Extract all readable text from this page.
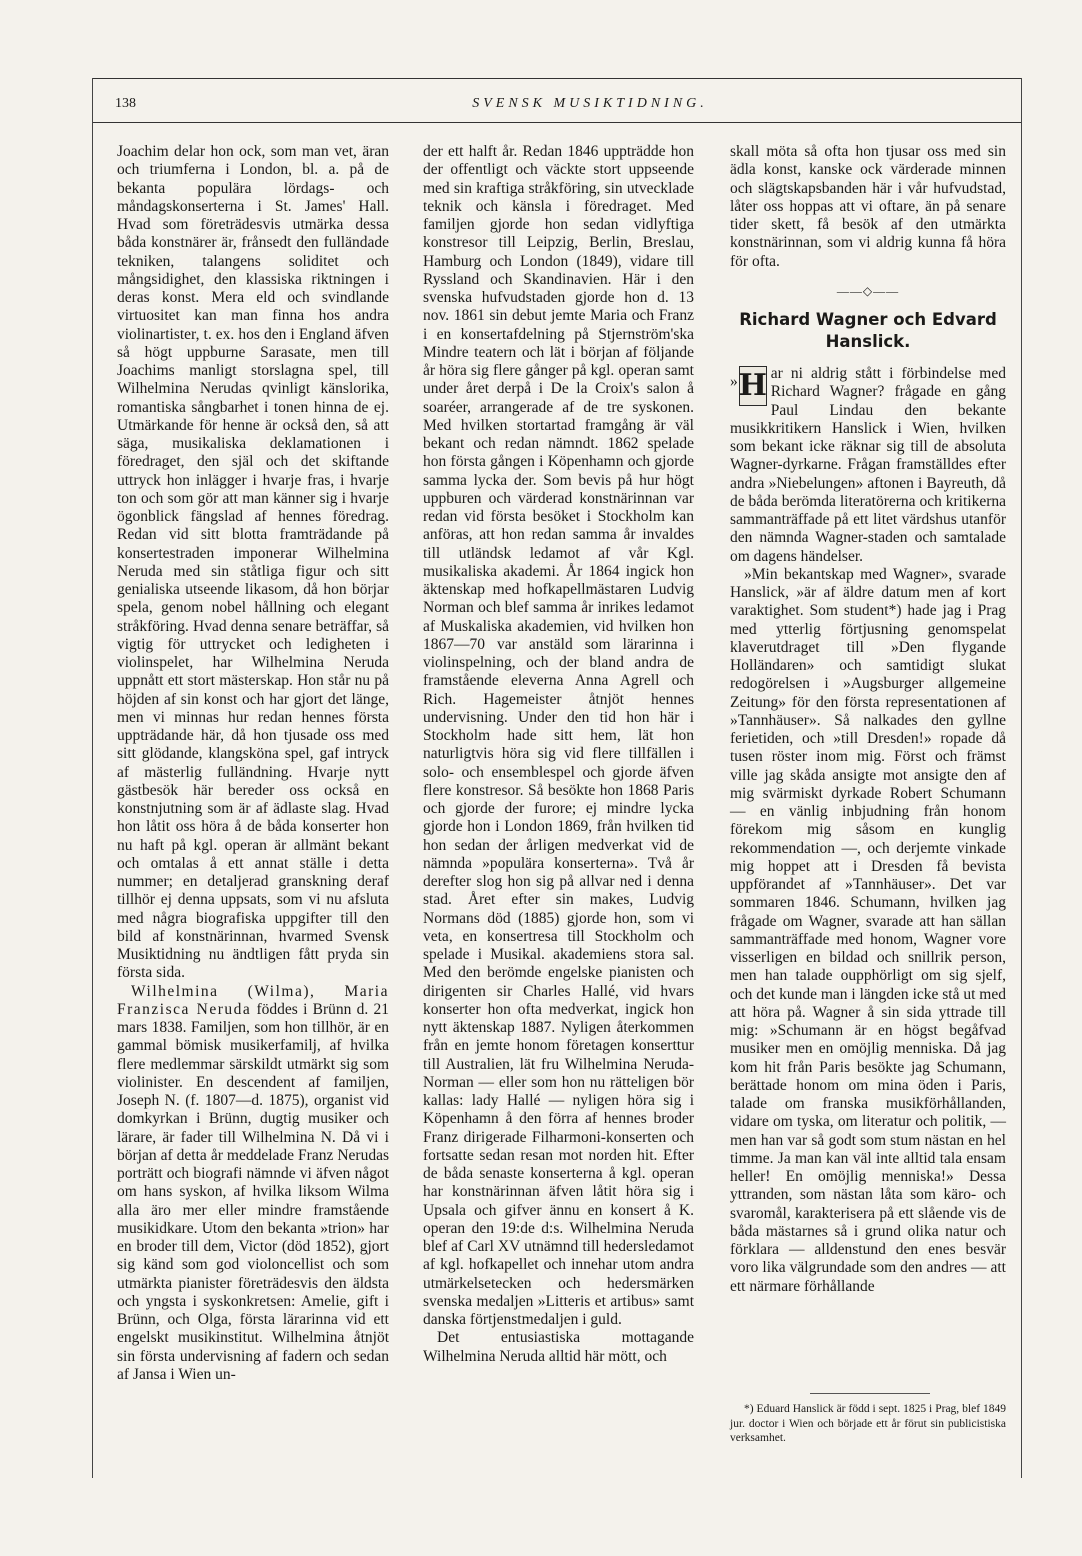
138	SVENSK MUSIKTIDNING.

Joachim delar hon ock, som man vet, äran och triumferna i London, bl. a. på de bekanta populära lördags- och måndagskonserterna i St. James' Hall. Hvad som företrädesvis utmärka dessa båda konstnärer är, frånsedt den fulländade tekniken, talangens soliditet och mångsidighet, den klassiska riktningen i deras konst. Mera eld och svindlande virtuositet kan man finna hos andra violinartister, t. ex. hos den i England äfven så högt uppburne Sarasate, men till Joachims manligt storslagna spel, till Wilhelmina Nerudas qvinligt känslorika, romantiska sångbarhet i tonen hinna de ej. Utmärkande för henne är också den, så att säga, musikaliska deklamationen i föredraget, den själ och det skiftande uttryck hon inlägger i hvarje fras, i hvarje ton och som gör att man känner sig i hvarje ögonblick fängslad af hennes föredrag. Redan vid sitt blotta framträdande på konsertestraden imponerar Wilhelmina Neruda med sin ståtliga figur och sitt genialiska utseende likasom, då hon börjar spela, genom nobel hållning och elegant stråkföring. Hvad denna senare beträffar, så vigtig för uttrycket och ledigheten i violinspelet, har Wilhelmina Neruda uppnått ett stort mästerskap. Hon står nu på höjden af sin konst och har gjort det länge, men vi minnas hur redan hennes första uppträdande här, då hon tjusade oss med sitt glödande, klangsköna spel, gaf intryck af mästerlig fulländning. Hvarje nytt gästbesök här bereder oss också en konstnjutning som är af ädlaste slag. Hvad hon låtit oss höra å de båda konserter hon nu haft på kgl. operan är allmänt bekant och omtalas å ett annat ställe i detta nummer; en detaljerad granskning deraf tillhör ej denna uppsats, som vi nu afsluta med några biografiska uppgifter till den bild af konstnärinnan, hvarmed Svensk Musiktidning nu ändtligen fått pryda sin första sida.

Wilhelmina (Wilma), Maria Franzisca Neruda föddes i Brünn d. 21 mars 1838. Familjen, som hon tillhör, är en gammal bömisk musikerfamilj, af hvilka flere medlemmar särskildt utmärkt sig som violinister. En descendent af familjen, Joseph N. (f. 1807—d. 1875), organist vid domkyrkan i Brünn, dugtig musiker och lärare, är fader till Wilhelmina N. Då vi i början af detta år meddelade Franz Nerudas porträtt och biografi nämnde vi äfven något om hans syskon, af hvilka liksom Wilma alla äro mer eller mindre framstående musikidkare. Utom den bekanta »trion» har en broder till dem, Victor (död 1852), gjort sig känd som god violoncellist och som utmärkta pianister företrädesvis den äldsta och yngsta i syskonkretsen: Amelie, gift i Brünn, och Olga, första lärarinna vid ett engelskt musikinstitut. Wilhelmina åtnjöt sin första undervisning af fadern och sedan af Jansa i Wien un-

der ett halft år. Redan 1846 uppträdde hon der offentligt och väckte stort uppseende med sin kraftiga stråkföring, sin utvecklade teknik och känsla i föredraget. Med familjen gjorde hon sedan vidlyftiga konstresor till Leipzig, Berlin, Breslau, Hamburg och London (1849), vidare till Ryssland och Skandinavien. Här i den svenska hufvudstaden gjorde hon d. 13 nov. 1861 sin debut jemte Maria och Franz i en konsertafdelning på Stjernström'ska Mindre teatern och lät i början af följande år höra sig flere gånger på kgl. operan samt under året derpå i De la Croix's salon å soaréer, arrangerade af de tre syskonen. Med hvilken stortartad framgång är väl bekant och redan nämndt. 1862 spelade hon första gången i Köpenhamn och gjorde samma lycka der. Som bevis på hur högt uppburen och värderad konstnärinnan var redan vid första besöket i Stockholm kan anföras, att hon redan samma år invaldes till utländsk ledamot af vår Kgl. musikaliska akademi. År 1864 ingick hon äktenskap med hofkapellmästaren Ludvig Norman och blef samma år inrikes ledamot af Muskaliska akademien, vid hvilken hon 1867—70 var anstäld som lärarinna i violinspelning, och der bland andra de framstående eleverna Anna Agrell och Rich. Hagemeister åtnjöt hennes undervisning. Under den tid hon här i Stockholm hade sitt hem, lät hon naturligtvis höra sig vid flere tillfällen i solo- och ensemblespel och gjorde äfven flere konstresor. Så besökte hon 1868 Paris och gjorde der furore; ej mindre lycka gjorde hon i London 1869, från hvilken tid hon sedan der årligen medverkat vid de nämnda »populära konserterna». Två år derefter slog hon sig på allvar ned i denna stad. Året efter sin makes, Ludvig Normans död (1885) gjorde hon, som vi veta, en konsertresa till Stockholm och spelade i Musikal. akademiens stora sal. Med den berömde engelske pianisten och dirigenten sir Charles Hallé, vid hvars konserter hon ofta medverkat, ingick hon nytt äktenskap 1887. Nyligen återkommen från en jemte honom företagen konserttur till Australien, lät fru Wilhelmina Neruda-Norman — eller som hon nu rätteligen bör kallas: lady Hallé — nyligen höra sig i Köpenhamn å den förra af hennes broder Franz dirigerade Filharmoni-konserten och fortsatte sedan resan mot norden hit. Efter de båda senaste konserterna å kgl. operan har konstnärinnan äfven låtit höra sig i Upsala och gifver ännu en konsert å K. operan den 19:de d:s. Wilhelmina Neruda blef af Carl XV utnämnd till hedersledamot af kgl. hofkapellet och innehar utom andra utmärkelsetecken och hedersmärken svenska medaljen »Litteris et artibus» samt danska förtjenstmedaljen i guld.

Det entusiastiska mottagande Wilhelmina Neruda alltid här mött, och

skall möta så ofta hon tjusar oss med sin ädla konst, kanske ock värderade minnen och slägtskapsbanden här i vår hufvudstad, låter oss hoppas att vi oftare, än på senare tider skett, få besök af den utmärkta konstnärinnan, som vi aldrig kunna få höra för ofta.

——◇——
Richard Wagner och Edvard Hanslick.

» H ar ni aldrig stått i förbindelse med Richard Wagner? frågade en gång Paul Lindau den bekante musikkritikern Hanslick i Wien, hvilken som bekant icke räknar sig till de absoluta Wagner-dyrkarne. Frågan framställdes efter andra »Niebelungen» aftonen i Bayreuth, då de båda berömda literatörerna och kritikerna sammanträffade på ett litet värdshus utanför den nämnda Wagner-staden och samtalade om dagens händelser.

»Min bekantskap med Wagner», svarade Hanslick, »är af äldre datum men af kort varaktighet. Som student*) hade jag i Prag med ytterlig förtjusning genomspelat klaverutdraget till »Den flygande Holländaren» och samtidigt slukat redogörelsen i »Augsburger allgemeine Zeitung» för den första representationen af »Tannhäuser». Så nalkades den gyllne ferietiden, och »till Dresden!» ropade då tusen röster inom mig. Först och främst ville jag skåda ansigte mot ansigte den af mig svärmiskt dyrkade Robert Schumann — en vänlig inbjudning från honom förekom mig såsom en kunglig rekommendation —, och derjemte vinkade mig hoppet att i Dresden få bevista uppförandet af »Tannhäuser». Det var sommaren 1846. Schumann, hvilken jag frågade om Wagner, svarade att han sällan sammanträffade med honom, Wagner vore visserligen en bildad och snillrik person, men han talade oupphörligt om sig sjelf, och det kunde man i längden icke stå ut med att höra på. Wagner å sin sida yttrade till mig: »Schumann är en högst begåfvad musiker men en omöjlig menniska. Då jag kom hit från Paris besökte jag Schumann, berättade honom om mina öden i Paris, talade om franska musikförhållanden, vidare om tyska, om literatur och politik, — men han var så godt som stum nästan en hel timme. Ja man kan väl inte alltid tala ensam heller! En omöjlig menniska!» Dessa yttranden, som nästan låta som käro- och svaromål, karakterisera på ett slående vis de båda mästarnes så i grund olika natur och förklara — alldenstund den enes besvär voro lika välgrundade som den andres — att ett närmare förhållande

*) Eduard Hanslick är född i sept. 1825 i Prag, blef 1849 jur. doctor i Wien och började ett år förut sin publicistiska verksamhet.
